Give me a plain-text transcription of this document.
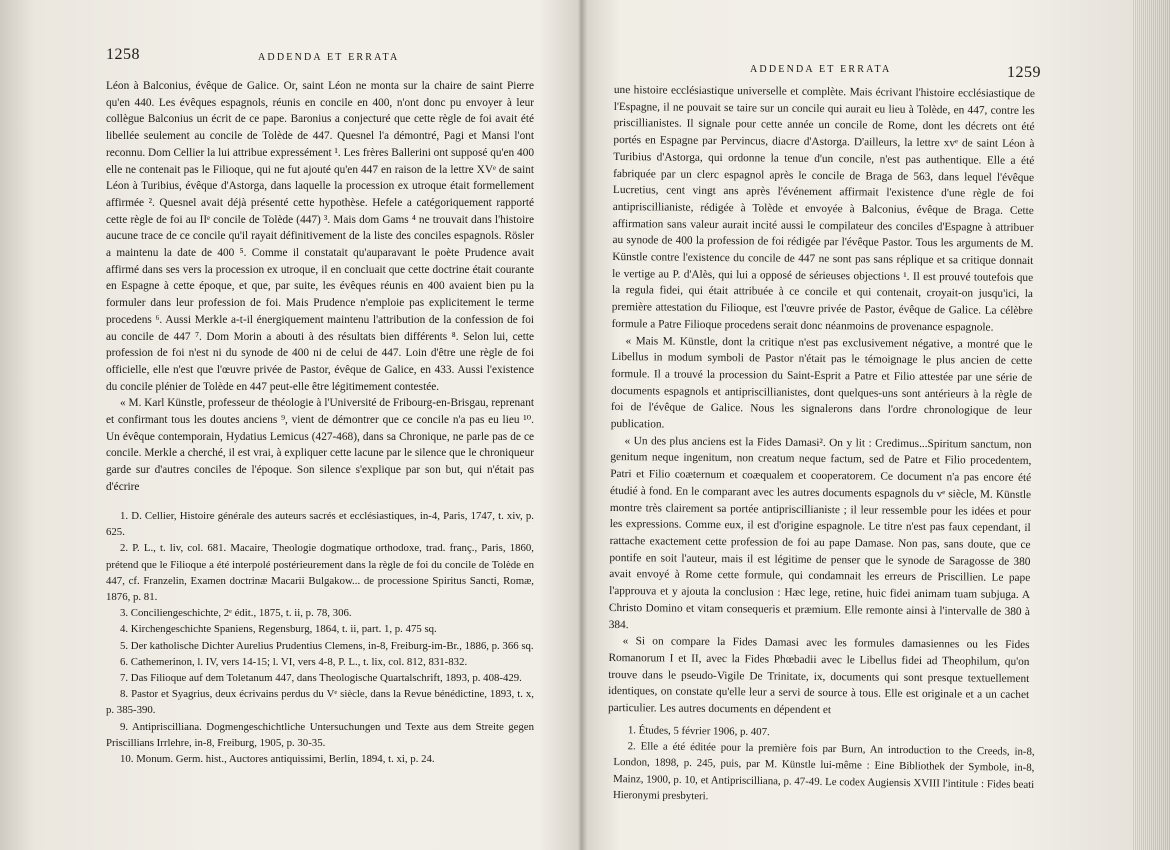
1258	ADDENDA ET ERRATA

Léon à Balconius, évêque de Galice. Or, saint Léon ne monta sur la chaire de saint Pierre qu'en 440. Les évêques espagnols, réunis en concile en 400, n'ont donc pu envoyer à leur collègue Balconius un écrit de ce pape. Baronius a conjecturé que cette règle de foi avait été libellée seulement au concile de Tolède de 447. Quesnel l'a démontré, Pagi et Mansi l'ont reconnu. Dom Cellier la lui attribue expressément ¹. Les frères Ballerini ont supposé qu'en 400 elle ne contenait pas le Filioque, qui ne fut ajouté qu'en 447 en raison de la lettre XVᵉ de saint Léon à Turibius, évêque d'Astorga, dans laquelle la procession ex utroque était formellement affirmée ². Quesnel avait déjà présenté cette hypothèse. Hefele a catégoriquement rapporté cette règle de foi au IIᵉ concile de Tolède (447) ³. Mais dom Gams ⁴ ne trouvait dans l'histoire aucune trace de ce concile qu'il rayait définitivement de la liste des conciles espagnols. Rösler a maintenu la date de 400 ⁵. Comme il constatait qu'auparavant le poète Prudence avait affirmé dans ses vers la procession ex utroque, il en concluait que cette doctrine était courante en Espagne à cette époque, et que, par suite, les évêques réunis en 400 avaient bien pu la formuler dans leur profession de foi. Mais Prudence n'emploie pas explicitement le terme procedens ⁶. Aussi Merkle a-t-il énergiquement maintenu l'attribution de la confession de foi au concile de 447 ⁷. Dom Morin a abouti à des résultats bien différents ⁸. Selon lui, cette profession de foi n'est ni du synode de 400 ni de celui de 447. Loin d'être une règle de foi officielle, elle n'est que l'œuvre privée de Pastor, évêque de Galice, en 433. Aussi l'existence du concile plénier de Tolède en 447 peut-elle être légitimement contestée.

« M. Karl Künstle, professeur de théologie à l'Université de Fribourg-en-Brisgau, reprenant et confirmant tous les doutes anciens ⁹, vient de démontrer que ce concile n'a pas eu lieu ¹⁰. Un évêque contemporain, Hydatius Lemicus (427-468), dans sa Chronique, ne parle pas de ce concile. Merkle a cherché, il est vrai, à expliquer cette lacune par le silence que le chroniqueur garde sur d'autres conciles de l'époque. Son silence s'explique par son but, qui n'était pas d'écrire

1. D. Cellier, Histoire générale des auteurs sacrés et ecclésiastiques, in-4, Paris, 1747, t. xiv, p. 625.

2. P. L., t. liv, col. 681. Macaire, Theologie dogmatique orthodoxe, trad. franç., Paris, 1860, prétend que le Filioque a été interpolé postérieurement dans la règle de foi du concile de Tolède en 447, cf. Franzelin, Examen doctrinæ Macarii Bulgakow... de processione Spiritus Sancti, Romæ, 1876, p. 81.

3. Conciliengeschichte, 2ᵉ édit., 1875, t. ii, p. 78, 306.

4. Kirchengeschichte Spaniens, Regensburg, 1864, t. ii, part. 1, p. 475 sq.

5. Der katholische Dichter Aurelius Prudentius Clemens, in-8, Freiburg-im-Br., 1886, p. 366 sq.

6. Cathemerinon, l. IV, vers 14-15; l. VI, vers 4-8, P. L., t. lix, col. 812, 831-832.

7. Das Filioque auf dem Toletanum 447, dans Theologische Quartalschrift, 1893, p. 408-429.

8. Pastor et Syagrius, deux écrivains perdus du Vᵉ siècle, dans la Revue bénédictine, 1893, t. x, p. 385-390.

9. Antipriscilliana. Dogmengeschichtliche Untersuchungen und Texte aus dem Streite gegen Priscillians Irrlehre, in-8, Freiburg, 1905, p. 30-35.

10. Monum. Germ. hist., Auctores antiquissimi, Berlin, 1894, t. xi, p. 24.

ADDENDA ET ERRATA	1259

une histoire ecclésiastique universelle et complète. Mais écrivant l'histoire ecclésiastique de l'Espagne, il ne pouvait se taire sur un concile qui aurait eu lieu à Tolède, en 447, contre les priscillianistes. Il signale pour cette année un concile de Rome, dont les décrets ont été portés en Espagne par Pervincus, diacre d'Astorga. D'ailleurs, la lettre xvᵉ de saint Léon à Turibius d'Astorga, qui ordonne la tenue d'un concile, n'est pas authentique. Elle a été fabriquée par un clerc espagnol après le concile de Braga de 563, dans lequel l'évêque Lucretius, cent vingt ans après l'événement affirmait l'existence d'une règle de foi antipriscillianiste, rédigée à Tolède et envoyée à Balconius, évêque de Braga. Cette affirmation sans valeur aurait incité aussi le compilateur des conciles d'Espagne à attribuer au synode de 400 la profession de foi rédigée par l'évêque Pastor. Tous les arguments de M. Künstle contre l'existence du concile de 447 ne sont pas sans réplique et sa critique donnait le vertige au P. d'Alès, qui lui a opposé de sérieuses objections ¹. Il est prouvé toutefois que la regula fidei, qui était attribuée à ce concile et qui contenait, croyait-on jusqu'ici, la première attestation du Filioque, est l'œuvre privée de Pastor, évêque de Galice. La célèbre formule a Patre Filioque procedens serait donc néanmoins de provenance espagnole.

« Mais M. Künstle, dont la critique n'est pas exclusivement négative, a montré que le Libellus in modum symboli de Pastor n'était pas le témoignage le plus ancien de cette formule. Il a trouvé la procession du Saint-Esprit a Patre et Filio attestée par une série de documents espagnols et antipriscillianistes, dont quelques-uns sont antérieurs à la règle de foi de l'évêque de Galice. Nous les signalerons dans l'ordre chronologique de leur publication.

« Un des plus anciens est la Fides Damasi². On y lit : Credimus...Spiritum sanctum, non genitum neque ingenitum, non creatum neque factum, sed de Patre et Filio procedentem, Patri et Filio coæternum et coæqualem et cooperatorem. Ce document n'a pas encore été étudié à fond. En le comparant avec les autres documents espagnols du vᵉ siècle, M. Künstle montre très clairement sa portée antipriscillianiste ; il leur ressemble pour les idées et pour les expressions. Comme eux, il est d'origine espagnole. Le titre n'est pas faux cependant, il rattache exactement cette profession de foi au pape Damase. Non pas, sans doute, que ce pontife en soit l'auteur, mais il est légitime de penser que le synode de Saragosse de 380 avait envoyé à Rome cette formule, qui condamnait les erreurs de Priscillien. Le pape l'approuva et y ajouta la conclusion : Hæc lege, retine, huic fidei animam tuam subjuga. A Christo Domino et vitam consequeris et præmium. Elle remonte ainsi à l'intervalle de 380 à 384.

« Si on compare la Fides Damasi avec les formules damasiennes ou les Fides Romanorum I et II, avec la Fides Phœbadii avec le Libellus fidei ad Theophilum, qu'on trouve dans le pseudo-Vigile De Trinitate, ix, documents qui sont presque textuellement identiques, on constate qu'elle leur a servi de source à tous. Elle est originale et a un cachet particulier. Les autres documents en dépendent et

1. Études, 5 février 1906, p. 407.

2. Elle a été éditée pour la première fois par Burn, An introduction to the Creeds, in-8, London, 1898, p. 245, puis, par M. Künstle lui-même : Eine Bibliothek der Symbole, in-8, Mainz, 1900, p. 10, et Antipriscilliana, p. 47-49. Le codex Augiensis XVIII l'intitule : Fides beati Hieronymi presbyteri.
